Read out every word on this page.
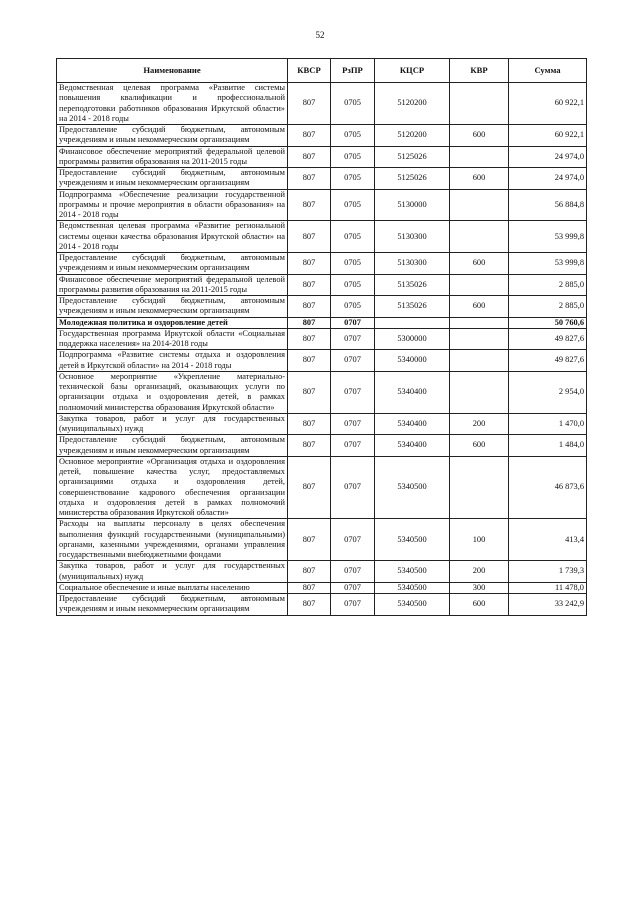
52
Наименование	КВСР	РзПР	КЦСР	КВР	Сумма
Ведомственная целевая программа «Развитие системы повышения квалификации и профессиональной переподготовки работников образования Иркутской области» на 2014 - 2018 годы	807	0705	5120200		60 922,1
Предоставление субсидий бюджетным, автономным учреждениям и иным некоммерческим организациям	807	0705	5120200	600	60 922,1
Финансовое обеспечение мероприятий федеральной целевой программы развития образования на 2011-2015 годы	807	0705	5125026		24 974,0
Предоставление субсидий бюджетным, автономным учреждениям и иным некоммерческим организациям	807	0705	5125026	600	24 974,0
Подпрограмма «Обеспечение реализации государственной программы и прочие мероприятия в области образования» на 2014 - 2018 годы	807	0705	5130000		56 884,8
Ведомственная целевая программа «Развитие региональной системы оценки качества образования Иркутской области» на 2014 - 2018 годы	807	0705	5130300		53 999,8
Предоставление субсидий бюджетным, автономным учреждениям и иным некоммерческим организациям	807	0705	5130300	600	53 999,8
Финансовое обеспечение мероприятий федеральной целевой программы развития образования на 2011-2015 годы	807	0705	5135026		2 885,0
Предоставление субсидий бюджетным, автономным учреждениям и иным некоммерческим организациям	807	0705	5135026	600	2 885,0
Молодежная политика и оздоровление детей	807	0707			50 760,6
Государственная программа Иркутской области «Социальная поддержка населения» на 2014-2018 годы	807	0707	5300000		49 827,6
Подпрограмма «Развитие системы отдыха и оздоровления детей в Иркутской области» на 2014 - 2018 годы	807	0707	5340000		49 827,6
Основное мероприятие «Укрепление материально-технической базы организаций, оказывающих услуги по организации отдыха и оздоровления детей, в рамках полномочий министерства образования Иркутской области»	807	0707	5340400		2 954,0
Закупка товаров, работ и услуг для государственных (муниципальных) нужд	807	0707	5340400	200	1 470,0
Предоставление субсидий бюджетным, автономным учреждениям и иным некоммерческим организациям	807	0707	5340400	600	1 484,0
Основное мероприятие «Организация отдыха и оздоровления детей, повышение качества услуг, предоставляемых организациями отдыха и оздоровления детей, совершенствование кадрового обеспечения организации отдыха и оздоровления детей в рамках полномочий министерства образования Иркутской области»	807	0707	5340500		46 873,6
Расходы на выплаты персоналу в целях обеспечения выполнения функций государственными (муниципальными) органами, казенными учреждениями, органами управления государственными внебюджетными фондами	807	0707	5340500	100	413,4
Закупка товаров, работ и услуг для государственных (муниципальных) нужд	807	0707	5340500	200	1 739,3
Социальное обеспечение и иные выплаты населению	807	0707	5340500	300	11 478,0
Предоставление субсидий бюджетным, автономным учреждениям и иным некоммерческим организациям	807	0707	5340500	600	33 242,9
